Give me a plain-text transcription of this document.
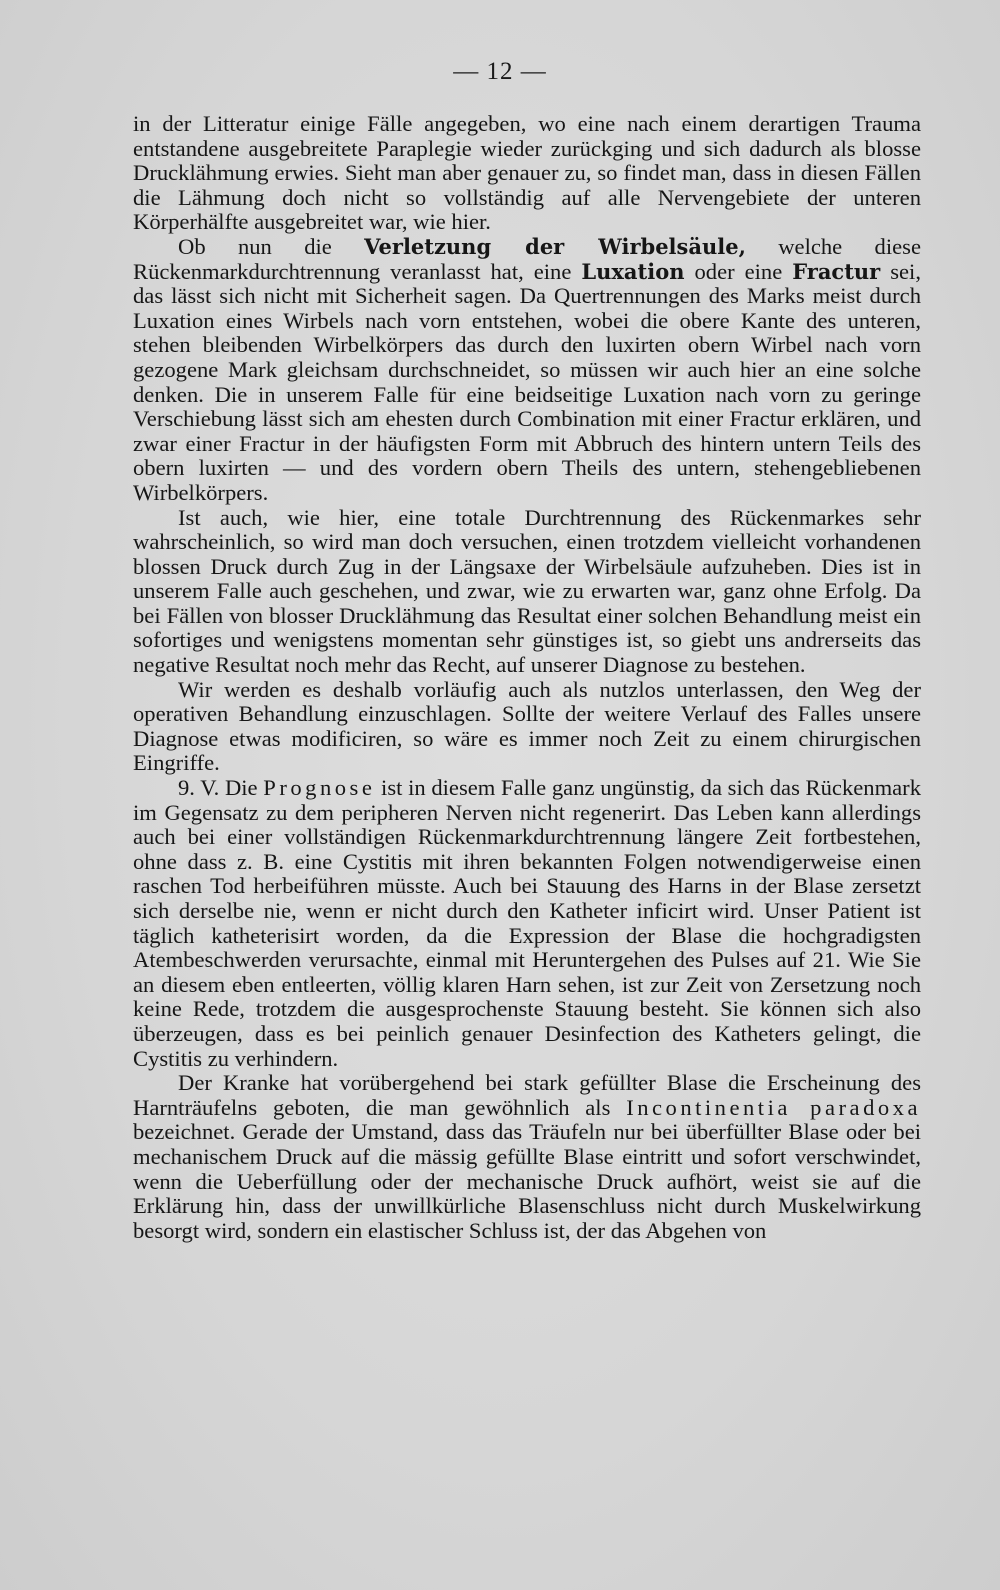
— 12 —

in der Litteratur einige Fälle angegeben, wo eine nach einem derartigen Trauma entstandene ausgebreitete Paraplegie wieder zurückging und sich dadurch als blosse Drucklähmung erwies. Sieht man aber genauer zu, so findet man, dass in diesen Fällen die Lähmung doch nicht so vollständig auf alle Nervengebiete der unteren Körperhälfte ausgebreitet war, wie hier.

Ob nun die Verletzung der Wirbelsäule, welche diese Rückenmarkdurchtrennung veranlasst hat, eine Luxation oder eine Fractur sei, das lässt sich nicht mit Sicherheit sagen. Da Quertrennungen des Marks meist durch Luxation eines Wirbels nach vorn entstehen, wobei die obere Kante des unteren, stehen bleibenden Wirbelkörpers das durch den luxirten obern Wirbel nach vorn gezogene Mark gleichsam durchschneidet, so müssen wir auch hier an eine solche denken. Die in unserem Falle für eine beidseitige Luxation nach vorn zu geringe Verschiebung lässt sich am ehesten durch Combination mit einer Fractur erklären, und zwar einer Fractur in der häufigsten Form mit Abbruch des hintern untern Teils des obern luxirten — und des vordern obern Theils des untern, stehengebliebenen Wirbelkörpers.

Ist auch, wie hier, eine totale Durchtrennung des Rückenmarkes sehr wahrscheinlich, so wird man doch versuchen, einen trotzdem vielleicht vorhandenen blossen Druck durch Zug in der Längsaxe der Wirbelsäule aufzuheben. Dies ist in unserem Falle auch geschehen, und zwar, wie zu erwarten war, ganz ohne Erfolg. Da bei Fällen von blosser Drucklähmung das Resultat einer solchen Behandlung meist ein sofortiges und wenigstens momentan sehr günstiges ist, so giebt uns andrerseits das negative Resultat noch mehr das Recht, auf unserer Diagnose zu bestehen.

Wir werden es deshalb vorläufig auch als nutzlos unterlassen, den Weg der operativen Behandlung einzuschlagen. Sollte der weitere Verlauf des Falles unsere Diagnose etwas modificiren, so wäre es immer noch Zeit zu einem chirurgischen Eingriffe.

9. V. Die Prognose ist in diesem Falle ganz ungünstig, da sich das Rückenmark im Gegensatz zu dem peripheren Nerven nicht regenerirt. Das Leben kann allerdings auch bei einer vollständigen Rückenmarkdurchtrennung längere Zeit fortbestehen, ohne dass z. B. eine Cystitis mit ihren bekannten Folgen notwendigerweise einen raschen Tod herbeiführen müsste. Auch bei Stauung des Harns in der Blase zersetzt sich derselbe nie, wenn er nicht durch den Katheter inficirt wird. Unser Patient ist täglich katheterisirt worden, da die Expression der Blase die hochgradigsten Atembeschwerden verursachte, einmal mit Heruntergehen des Pulses auf 21. Wie Sie an diesem eben entleerten, völlig klaren Harn sehen, ist zur Zeit von Zersetzung noch keine Rede, trotzdem die ausgesprochenste Stauung besteht. Sie können sich also überzeugen, dass es bei peinlich genauer Desinfection des Katheters gelingt, die Cystitis zu verhindern.

Der Kranke hat vorübergehend bei stark gefüllter Blase die Erscheinung des Harnträufelns geboten, die man gewöhnlich als Incontinentia paradoxa bezeichnet. Gerade der Umstand, dass das Träufeln nur bei überfüllter Blase oder bei mechanischem Druck auf die mässig gefüllte Blase eintritt und sofort verschwindet, wenn die Ueberfüllung oder der mechanische Druck aufhört, weist sie auf die Erklärung hin, dass der unwillkürliche Blasenschluss nicht durch Muskelwirkung besorgt wird, sondern ein elastischer Schluss ist, der das Abgehen von
